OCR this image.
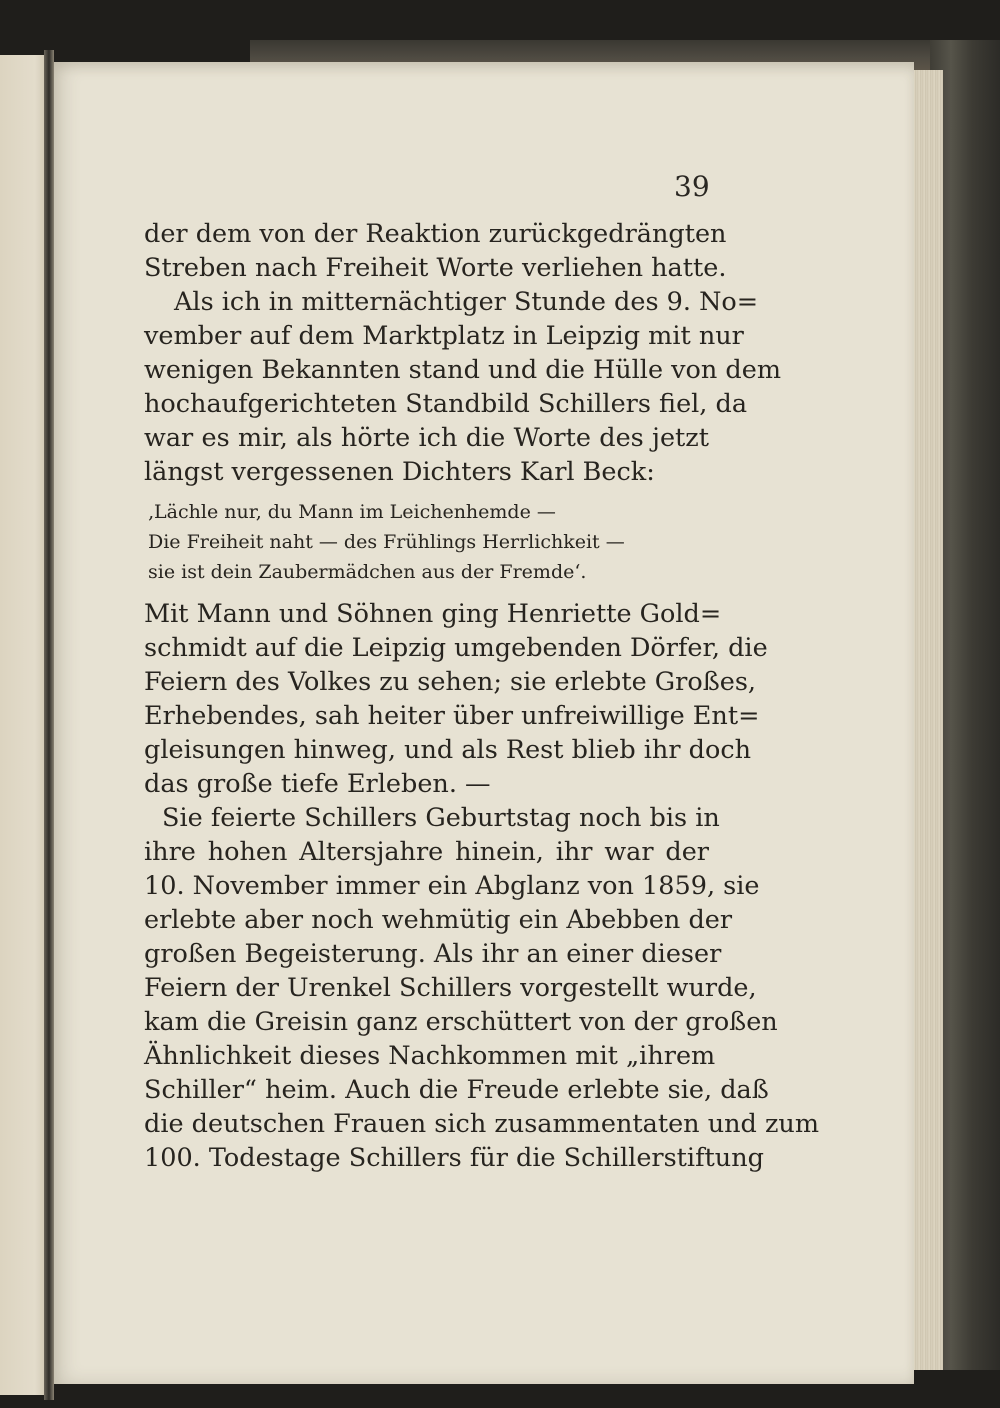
39
der dem von der Reaktion zurückgedrängten
Streben nach Freiheit Worte verliehen hatte.
Als ich in mitternächtiger Stunde des 9. No=
vember auf dem Marktplatz in Leipzig mit nur
wenigen Bekannten stand und die Hülle von dem
hochaufgerichteten Standbild Schillers fiel, da
war es mir, als hörte ich die Worte des jetzt
längst vergessenen Dichters Karl Beck:
‚Lächle nur, du Mann im Leichenhemde —
Die Freiheit naht — des Frühlings Herrlichkeit —
sie ist dein Zaubermädchen aus der Fremde‘.
Mit Mann und Söhnen ging Henriette Gold=
schmidt auf die Leipzig umgebenden Dörfer, die
Feiern des Volkes zu sehen; sie erlebte Großes,
Erhebendes, sah heiter über unfreiwillige Ent=
gleisungen hinweg, und als Rest blieb ihr doch
das große tiefe Erleben. —
Sie feierte Schillers Geburtstag noch bis in
ihre hohen Altersjahre hinein, ihr war der
10. November immer ein Abglanz von 1859, sie
erlebte aber noch wehmütig ein Abebben der
großen Begeisterung. Als ihr an einer dieser
Feiern der Urenkel Schillers vorgestellt wurde,
kam die Greisin ganz erschüttert von der großen
Ähnlichkeit dieses Nachkommen mit „ihrem
Schiller“ heim. Auch die Freude erlebte sie, daß
die deutschen Frauen sich zusammentaten und zum
100. Todestage Schillers für die Schillerstiftung
